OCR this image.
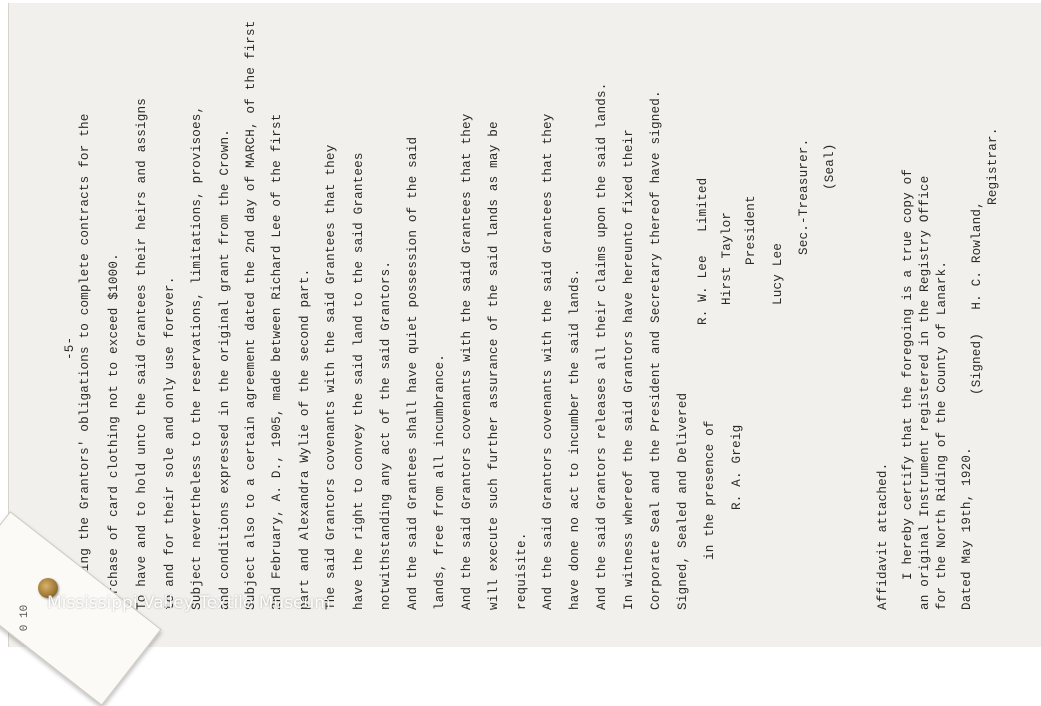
-5- assuming the Grantors' obligations to complete contracts for the purchase of card clothing not to exceed $1000. To have and to hold unto the said Grantees their heirs and assigns to and for their sole and only use forever. Subject nevertheless to the reservations, limitations, provisoes, and conditions expressed in the original grant from the Crown. Subject also to a certain agreement dated the 2nd day of MARCH, of the first 2nd February, A. D., 1905, made between Richard Lee of the first part and Alexandra Wylie of the second part. The said Grantors covenants with the said Grantees that they have the right to convey the said land to the said Grantees notwithstanding any act of the said Grantors. And the said Grantees shall have quiet possession of the said lands, free from all incumbrance. And the said Grantors covenants with the said Grantees that they will execute such further assurance of the said lands as may be requisite. And the said Grantors covenants with the said Grantees that they have done no act to incumber the said lands. And the said Grantors releases all their claims upon the said lands. In witness whereof the said Grantors have hereunto fixed their Corporate Seal and the President and Secretary thereof have signed. Signed, Sealed and Delivered in the presence of R. A. Greig
R. W. Lee   Limited Hirst Taylor President
Lucy Lee
Sec.-Treasurer. (Seal)
Affidavit attached. I hereby certify that the foregoing is a true copy of an original Instrument registered in the Registry Office for the North Riding of the County of Lanark. Dated May 19th, 1920.
(Signed)   H. C. Rowland,
Registrar.
0 10
Mississippi Valley Textile Museum
